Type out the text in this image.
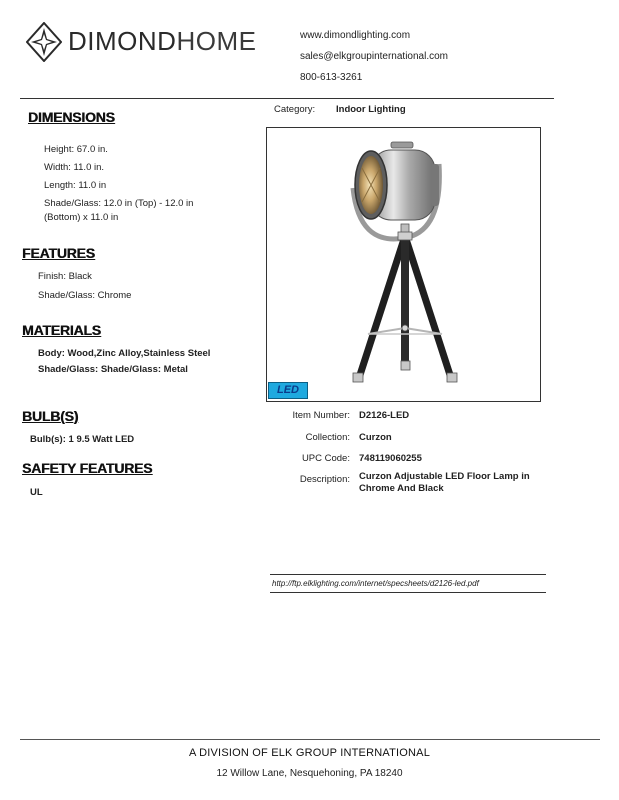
DIMONDHOME	www.dimondlighting.com
sales@elkgroupinternational.com
800-613-3261
Category: Indoor Lighting
DIMENSIONS
Height: 67.0 in.
Width: 11.0 in.
Length: 11.0 in
Shade/Glass: 12.0 in (Top) - 12.0 in
(Bottom) x 11.0 in
FEATURES
Finish: Black
Shade/Glass: Chrome
MATERIALS
Body: Wood,Zinc Alloy,Stainless Steel
Shade/Glass: Shade/Glass: Metal
BULB(S)
Bulb(s): 1 9.5 Watt LED
SAFETY FEATURES
UL
LED
Item Number: D2126-LED
Collection: Curzon
UPC Code: 748119060255
Description: Curzon Adjustable LED Floor Lamp in
Chrome And Black
http://ftp.elklighting.com/internet/specsheets/d2126-led.pdf
A DIVISION OF ELK GROUP INTERNATIONAL
12 Willow Lane, Nesquehoning, PA 18240
